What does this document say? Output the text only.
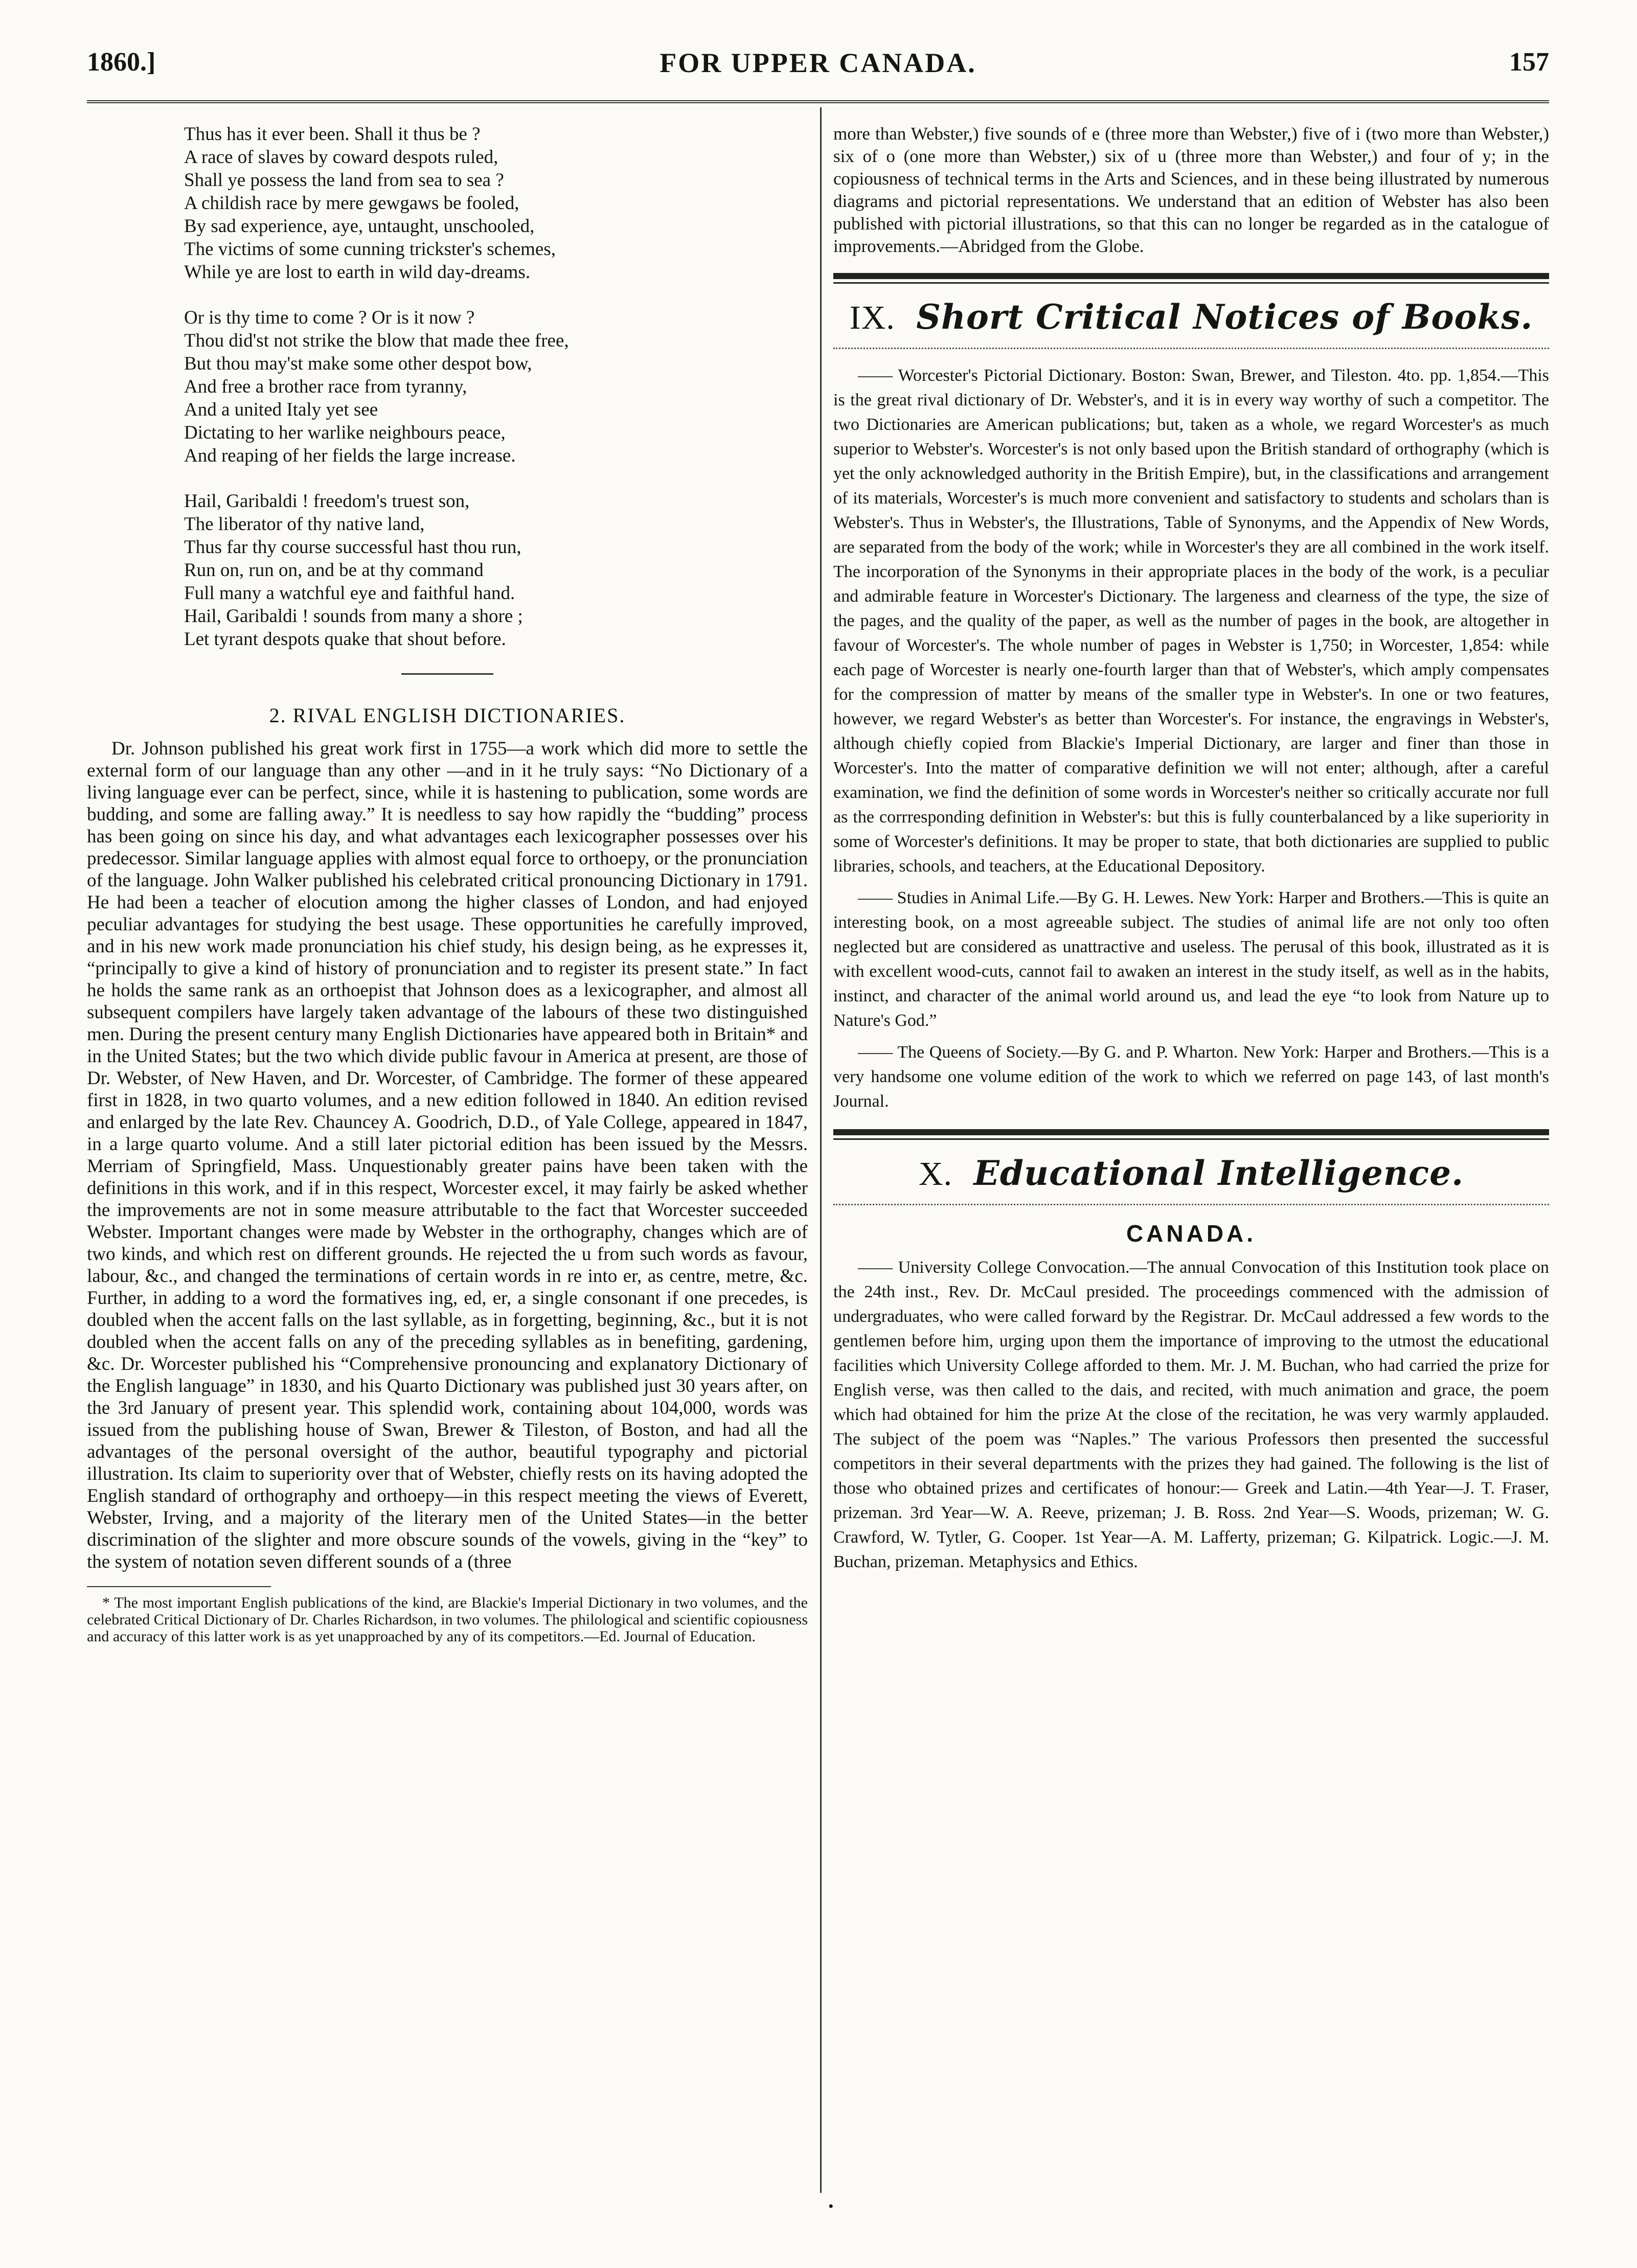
1860.]	FOR UPPER CANADA.	157

Thus has it ever been. Shall it thus be ?

A race of slaves by coward despots ruled,

Shall ye possess the land from sea to sea ?

A childish race by mere gewgaws be fooled,

By sad experience, aye, untaught, unschooled,

The victims of some cunning trickster's schemes,

While ye are lost to earth in wild day-dreams.

Or is thy time to come ? Or is it now ?

Thou did'st not strike the blow that made thee free,

But thou may'st make some other despot bow,

And free a brother race from tyranny,

And a united Italy yet see

Dictating to her warlike neighbours peace,

And reaping of her fields the large increase.

Hail, Garibaldi ! freedom's truest son,

The liberator of thy native land,

Thus far thy course successful hast thou run,

Run on, run on, and be at thy command

Full many a watchful eye and faithful hand.

Hail, Garibaldi ! sounds from many a shore ;

Let tyrant despots quake that shout before.

2. RIVAL ENGLISH DICTIONARIES.

Dr. Johnson published his great work first in 1755—a work which did more to settle the external form of our language than any other —and in it he truly says: “No Dictionary of a living language ever can be perfect, since, while it is hastening to publication, some words are budding, and some are falling away.” It is needless to say how rapidly the “budding” process has been going on since his day, and what advantages each lexicographer possesses over his predecessor. Similar language applies with almost equal force to orthoepy, or the pronunciation of the language. John Walker published his celebrated critical pronouncing Dictionary in 1791. He had been a teacher of elocution among the higher classes of London, and had enjoyed peculiar advantages for studying the best usage. These opportunities he carefully improved, and in his new work made pronunciation his chief study, his design being, as he expresses it, “principally to give a kind of history of pronunciation and to register its present state.” In fact he holds the same rank as an orthoepist that Johnson does as a lexicographer, and almost all subsequent compilers have largely taken advantage of the labours of these two distinguished men. During the present century many English Dictionaries have appeared both in Britain* and in the United States; but the two which divide public favour in America at present, are those of Dr. Webster, of New Haven, and Dr. Worcester, of Cambridge. The former of these appeared first in 1828, in two quarto volumes, and a new edition followed in 1840. An edition revised and enlarged by the late Rev. Chauncey A. Goodrich, D.D., of Yale College, appeared in 1847, in a large quarto volume. And a still later pictorial edition has been issued by the Messrs. Merriam of Springfield, Mass. Unquestionably greater pains have been taken with the definitions in this work, and if in this respect, Worcester excel, it may fairly be asked whether the improvements are not in some measure attributable to the fact that Worcester succeeded Webster. Important changes were made by Webster in the orthography, changes which are of two kinds, and which rest on different grounds. He rejected the u from such words as favour, labour, &c., and changed the terminations of certain words in re into er, as centre, metre, &c. Further, in adding to a word the formatives ing, ed, er, a single consonant if one precedes, is doubled when the accent falls on the last syllable, as in forgetting, beginning, &c., but it is not doubled when the accent falls on any of the preceding syllables as in benefiting, gardening, &c. Dr. Worcester published his “Comprehensive pronouncing and explanatory Dictionary of the English language” in 1830, and his Quarto Dictionary was published just 30 years after, on the 3rd January of present year. This splendid work, containing about 104,000, words was issued from the publishing house of Swan, Brewer & Tileston, of Boston, and had all the advantages of the personal oversight of the author, beautiful typography and pictorial illustration. Its claim to superiority over that of Webster, chiefly rests on its having adopted the English standard of orthography and orthoepy—in this respect meeting the views of Everett, Webster, Irving, and a majority of the literary men of the United States—in the better discrimination of the slighter and more obscure sounds of the vowels, giving in the “key” to the system of notation seven different sounds of a (three

* The most important English publications of the kind, are Blackie's Imperial Dictionary in two volumes, and the celebrated Critical Dictionary of Dr. Charles Richardson, in two volumes. The philological and scientific copiousness and accuracy of this latter work is as yet unapproached by any of its competitors.—Ed. Journal of Education.

more than Webster,) five sounds of e (three more than Webster,) five of i (two more than Webster,) six of o (one more than Webster,) six of u (three more than Webster,) and four of y; in the copiousness of technical terms in the Arts and Sciences, and in these being illustrated by numerous diagrams and pictorial representations. We understand that an edition of Webster has also been published with pictorial illustrations, so that this can no longer be regarded as in the catalogue of improvements.—Abridged from the Globe.

IX. Short Critical Notices of Books.

—— Worcester's Pictorial Dictionary. Boston: Swan, Brewer, and Tileston. 4to. pp. 1,854.—This is the great rival dictionary of Dr. Webster's, and it is in every way worthy of such a competitor. The two Dictionaries are American publications; but, taken as a whole, we regard Worcester's as much superior to Webster's. Worcester's is not only based upon the British standard of orthography (which is yet the only acknowledged authority in the British Empire), but, in the classifications and arrangement of its materials, Worcester's is much more convenient and satisfactory to students and scholars than is Webster's. Thus in Webster's, the Illustrations, Table of Synonyms, and the Appendix of New Words, are separated from the body of the work; while in Worcester's they are all combined in the work itself. The incorporation of the Synonyms in their appropriate places in the body of the work, is a peculiar and admirable feature in Worcester's Dictionary. The largeness and clearness of the type, the size of the pages, and the quality of the paper, as well as the number of pages in the book, are altogether in favour of Worcester's. The whole number of pages in Webster is 1,750; in Worcester, 1,854: while each page of Worcester is nearly one-fourth larger than that of Webster's, which amply compensates for the compression of matter by means of the smaller type in Webster's. In one or two features, however, we regard Webster's as better than Worcester's. For instance, the engravings in Webster's, although chiefly copied from Blackie's Imperial Dictionary, are larger and finer than those in Worcester's. Into the matter of comparative definition we will not enter; although, after a careful examination, we find the definition of some words in Worcester's neither so critically accurate nor full as the corrresponding definition in Webster's: but this is fully counterbalanced by a like superiority in some of Worcester's definitions. It may be proper to state, that both dictionaries are supplied to public libraries, schools, and teachers, at the Educational Depository.

—— Studies in Animal Life.—By G. H. Lewes. New York: Harper and Brothers.—This is quite an interesting book, on a most agreeable subject. The studies of animal life are not only too often neglected but are considered as unattractive and useless. The perusal of this book, illustrated as it is with excellent wood-cuts, cannot fail to awaken an interest in the study itself, as well as in the habits, instinct, and character of the animal world around us, and lead the eye “to look from Nature up to Nature's God.”

—— The Queens of Society.—By G. and P. Wharton. New York: Harper and Brothers.—This is a very handsome one volume edition of the work to which we referred on page 143, of last month's Journal.

X. Educational Intelligence.
CANADA.

—— University College Convocation.—The annual Convocation of this Institution took place on the 24th inst., Rev. Dr. McCaul presided. The proceedings commenced with the admission of undergraduates, who were called forward by the Registrar. Dr. McCaul addressed a few words to the gentlemen before him, urging upon them the importance of improving to the utmost the educational facilities which University College afforded to them. Mr. J. M. Buchan, who had carried the prize for English verse, was then called to the dais, and recited, with much animation and grace, the poem which had obtained for him the prize At the close of the recitation, he was very warmly applauded. The subject of the poem was “Naples.” The various Professors then presented the successful competitors in their several departments with the prizes they had gained. The following is the list of those who obtained prizes and certificates of honour:— Greek and Latin.—4th Year—J. T. Fraser, prizeman. 3rd Year—W. A. Reeve, prizeman; J. B. Ross. 2nd Year—S. Woods, prizeman; W. G. Crawford, W. Tytler, G. Cooper. 1st Year—A. M. Lafferty, prizeman; G. Kilpatrick. Logic.—J. M. Buchan, prizeman. Metaphysics and Ethics.

•
